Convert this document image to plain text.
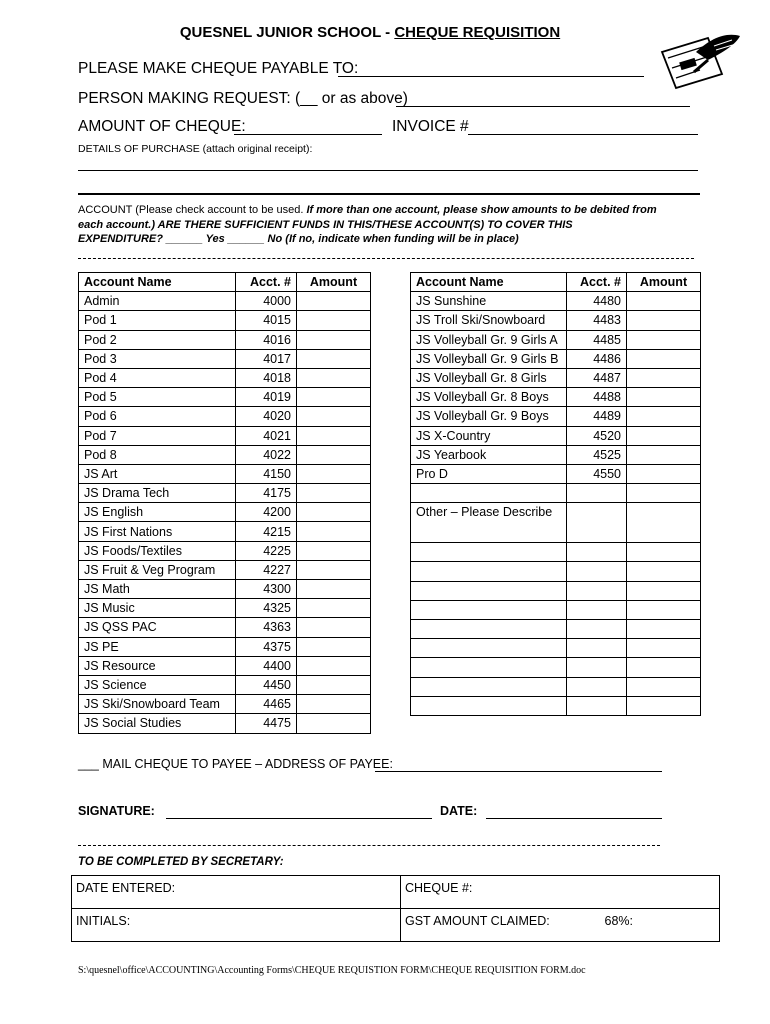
QUESNEL JUNIOR SCHOOL - CHEQUE REQUISITION
PLEASE MAKE CHEQUE PAYABLE TO:
PERSON MAKING REQUEST: (__ or as above)
AMOUNT OF CHEQUE:	INVOICE #
DETAILS OF PURCHASE (attach original receipt):
ACCOUNT (Please check account to be used. If more than one account, please show amounts to be debited from
each account.) ARE THERE SUFFICIENT FUNDS IN THIS/THESE ACCOUNT(S) TO COVER THIS
EXPENDITURE? ______ Yes ______ No (If no, indicate when funding will be in place)
Account Name	Acct. #	Amount
Admin	4000	
Pod 1	4015	
Pod 2	4016	
Pod 3	4017	
Pod 4	4018	
Pod 5	4019	
Pod 6	4020	
Pod 7	4021	
Pod 8	4022	
JS Art	4150	
JS Drama Tech	4175	
JS English	4200	
JS First Nations	4215	
JS Foods/Textiles	4225	
JS Fruit & Veg Program	4227	
JS Math	4300	
JS Music	4325	
JS QSS PAC	4363	
JS PE	4375	
JS Resource	4400	
JS Science	4450	
JS Ski/Snowboard Team	4465	
JS Social Studies	4475	
Account Name	Acct. #	Amount
JS Sunshine	4480	
JS Troll Ski/Snowboard	4483	
JS Volleyball Gr. 9 Girls A	4485	
JS Volleyball Gr. 9 Girls B	4486	
JS Volleyball Gr. 8 Girls	4487	
JS Volleyball Gr. 8 Boys	4488	
JS Volleyball Gr. 9 Boys	4489	
JS X-Country	4520	
JS Yearbook	4525	
Pro D	4550	

Other – Please Describe		

___ MAIL CHEQUE TO PAYEE – ADDRESS OF PAYEE:
SIGNATURE:	DATE:
TO BE COMPLETED BY SECRETARY:
DATE ENTERED:	CHEQUE #:
INITIALS:	GST AMOUNT CLAIMED: 68%:
S:\quesnel\office\ACCOUNTING\Accounting Forms\CHEQUE REQUISTION FORM\CHEQUE REQUISITION FORM.doc
